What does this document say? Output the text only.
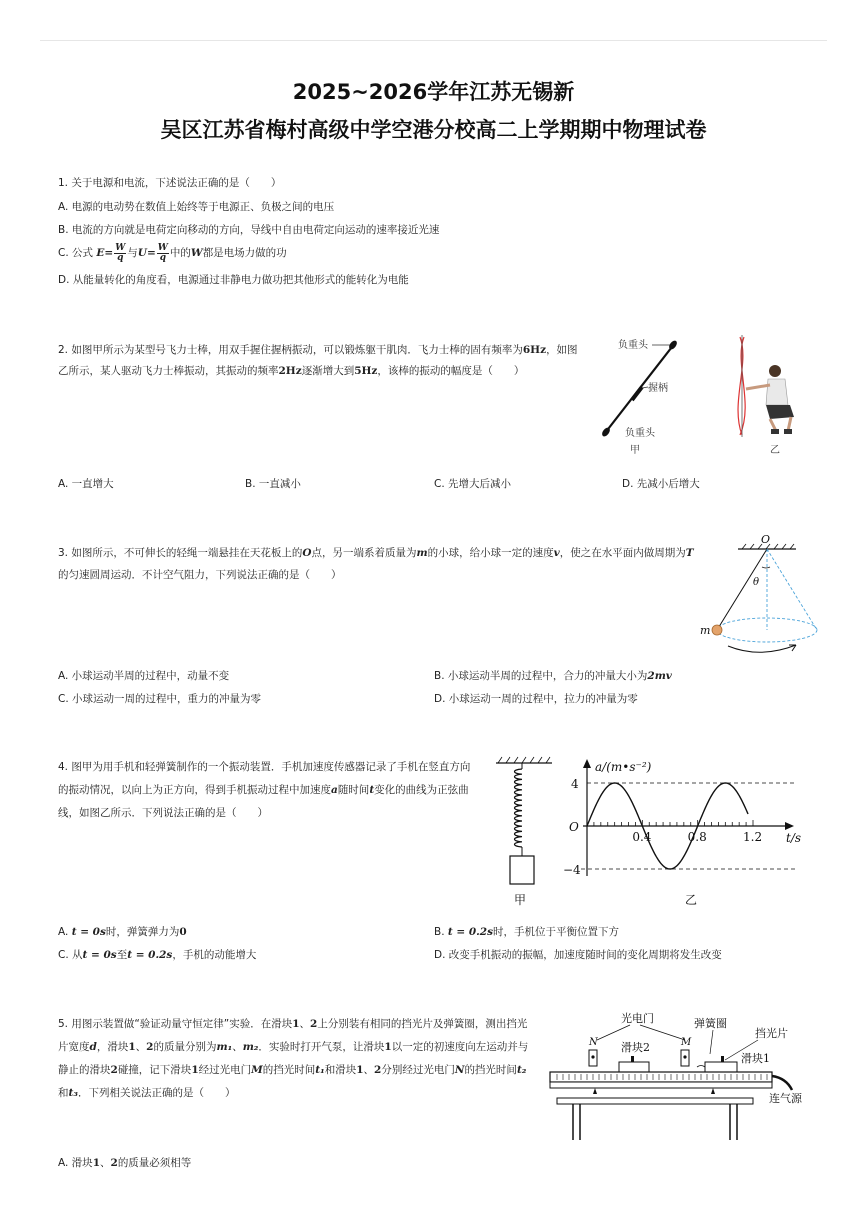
2025~2026学年江苏无锡新
吴区江苏省梅村高级中学空港分校高二上学期期中物理试卷
1. 关于电源和电流，下述说法正确的是（　　）
A. 电源的电动势在数值上始终等于电源正、负极之间的电压
B. 电流的方向就是电荷定向移动的方向，导线中自由电荷定向运动的速率接近光速
C. 公式 $E= \frac{W}{q}$ 与$U= \frac{W}{q}$ 中的W都是电场力做的功
D. 从能量转化的角度看，电源通过非静电力做功把其他形式的能转化为电能
2. 如图甲所示为某型号飞力士棒，用双手握住握柄振动，可以锻炼躯干肌肉．飞力士棒的固有频率为6Hz，如图乙所示，某人驱动飞力士棒振动，其振动的频率2Hz逐渐增大到5Hz，该棒的振动的幅度是（　　）
负重头
握柄
负重头
甲	乙
A. 一直增大	B. 一直减小	C. 先增大后减小	D. 先减小后增大
3. 如图所示，不可伸长的轻绳一端悬挂在天花板上的O点，另一端系着质量为m的小球，给小球一定的速度v，使之在水平面内做周期为T的匀速圆周运动．不计空气阻力，下列说法正确的是（　　）
O
θ
m
A. 小球运动半周的过程中，动量不变	B. 小球运动半周的过程中，合力的冲量大小为2mv
C. 小球运动一周的过程中，重力的冲量为零	D. 小球运动一周的过程中，拉力的冲量为零
4. 图甲为用手机和轻弹簧制作的一个振动装置．手机加速度传感器记录了手机在竖直方向的振动情况，以向上为正方向，得到手机振动过程中加速度a随时间t变化的曲线为正弦曲线，如图乙所示．下列说法正确的是（　　）
甲
a/(m•s⁻²)
t/s
4
O
−4
0.4	0.8	1.2
乙
A. t = 0s时，弹簧弹力为0	B. t = 0.2s时，手机位于平衡位置下方
C. 从t = 0s至t = 0.2s，手机的动能增大	D. 改变手机振动的振幅，加速度随时间的变化周期将发生改变
5. 用图示装置做“验证动量守恒定律”实验．在滑块1、2上分别装有相同的挡光片及弹簧圈，测出挡光片宽度d，滑块1、2的质量分别为m₁、m₂．实验时打开气泵，让滑块1以一定的初速度向左运动并与静止的滑块2碰撞，记下滑块1经过光电门M的挡光时间t₁和滑块1、2分别经过光电门N的挡光时间t₂和t₃．下列相关说法正确的是（　　）
光电门	弹簧圈
挡光片
N	M
滑块2
滑块1
连气源
A. 滑块1、2的质量必须相等
